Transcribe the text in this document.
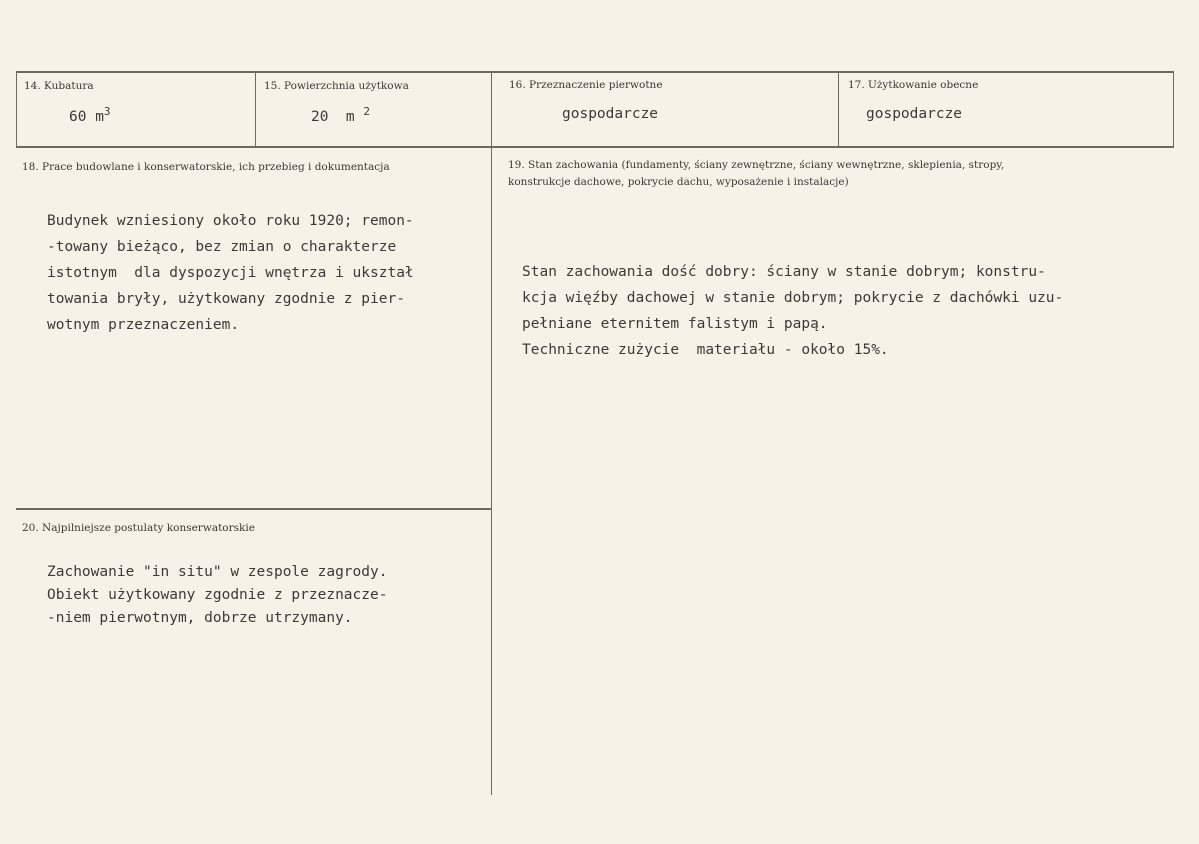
14. Kubatura
60 $m^3$
15. Powierzchnia użytkowa
20  m $^2$
16. Przeznaczenie pierwotne
gospodarcze
17. Użytkowanie obecne
gospodarcze
18. Prace budowlane i konserwatorskie, ich przebieg i dokumentacja
Budynek wzniesiony około roku 1920; remon-
-towany bieżąco, bez zmian o charakterze
istotnym  dla dyspozycji wnętrza i ukształ
towania bryły, użytkowany zgodnie z pier-
wotnym przeznaczeniem.
19. Stan zachowania (fundamenty, ściany zewnętrzne, ściany wewnętrzne, sklepienia, stropy,
konstrukcje dachowe, pokrycie dachu, wyposażenie i instalacje)
Stan zachowania dość dobry: ściany w stanie dobrym; konstru-
kcja więźby dachowej w stanie dobrym; pokrycie z dachówki uzu-
pełniane eternitem falistym i papą.
Techniczne zużycie  materiału - około 15%.
20. Najpilniejsze postulaty konserwatorskie
Zachowanie "in situ" w zespole zagrody.
Obiekt użytkowany zgodnie z przeznacze-
-niem pierwotnym, dobrze utrzymany.
